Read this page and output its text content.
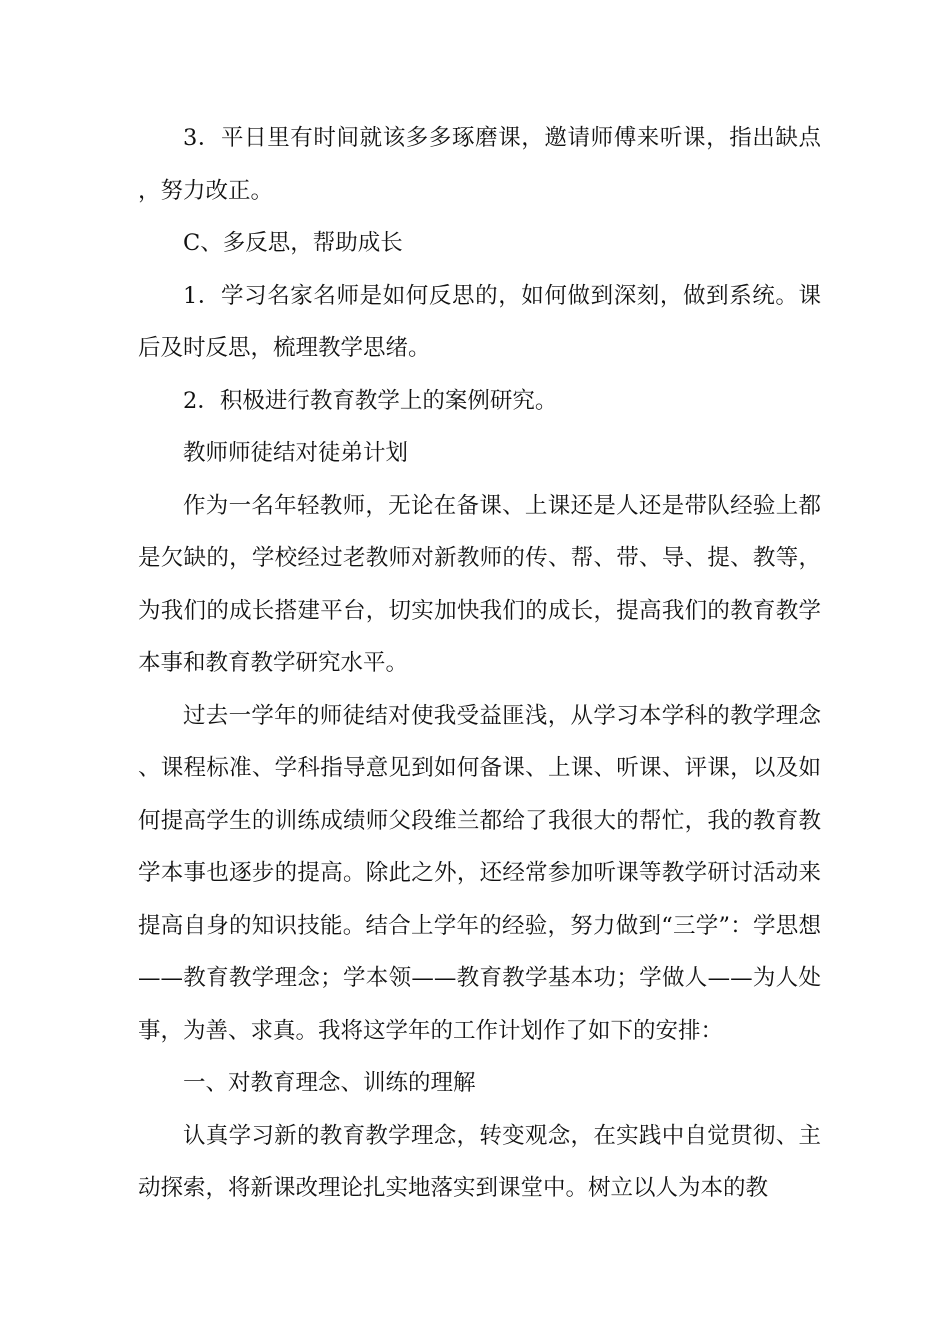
3．平日里有时间就该多多琢磨课，邀请师傅来听课，指出缺点，努力改正。

C、多反思，帮助成长

1．学习名家名师是如何反思的，如何做到深刻，做到系统。课后及时反思，梳理教学思绪。

2．积极进行教育教学上的案例研究。

教师师徒结对徒弟计划

作为一名年轻教师，无论在备课、上课还是人还是带队经验上都是欠缺的，学校经过老教师对新教师的传、帮、带、导、提、教等，为我们的成长搭建平台，切实加快我们的成长，提高我们的教育教学本事和教育教学研究水平。

过去一学年的师徒结对使我受益匪浅，从学习本学科的教学理念、课程标准、学科指导意见到如何备课、上课、听课、评课，以及如何提高学生的训练成绩师父段维兰都给了我很大的帮忙，我的教育教学本事也逐步的提高。除此之外，还经常参加听课等教学研讨活动来提高自身的知识技能。结合上学年的经验，努力做到“三学”：学思想——教育教学理念；学本领——教育教学基本功；学做人——为人处事，为善、求真。我将这学年的工作计划作了如下的安排：

一、对教育理念、训练的理解

认真学习新的教育教学理念，转变观念，在实践中自觉贯彻、主动探索，将新课改理论扎实地落实到课堂中。树立以人为本的教
